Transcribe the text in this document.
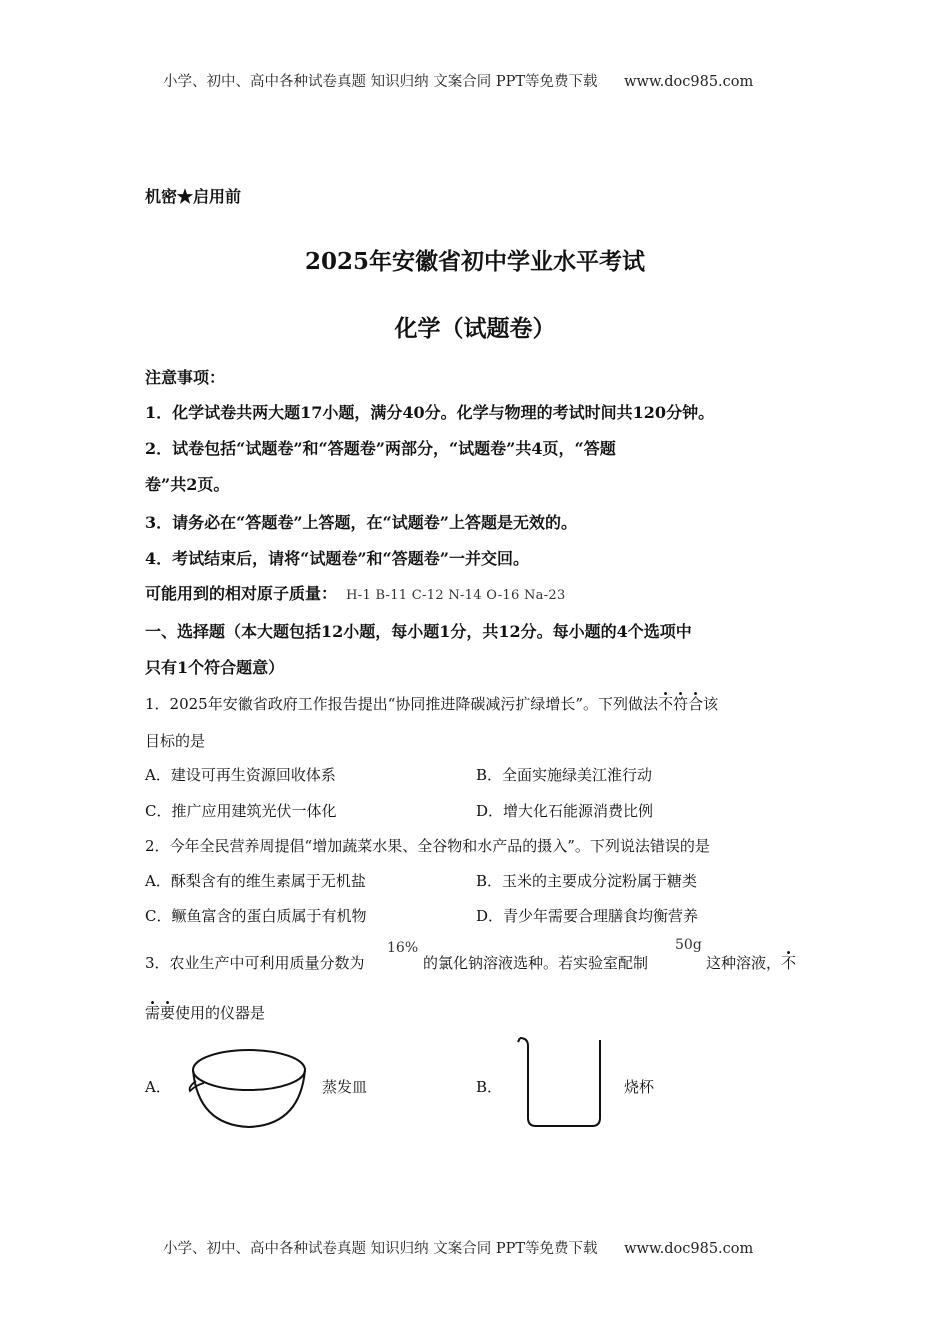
小学、初中、高中各种试卷真题 知识归纳 文案合同 PPT等免费下载 www.doc985.com
机密★启用前
2025年安徽省初中学业水平考试
化学（试题卷）
注意事项：
1．化学试卷共两大题17小题，满分40分。化学与物理的考试时间共120分钟。
2．试卷包括“试题卷”和“答题卷”两部分，“试题卷”共4页，“答题
卷”共2页。
3．请务必在“答题卷”上答题，在“试题卷”上答题是无效的。
4．考试结束后，请将“试题卷”和“答题卷”一并交回。
可能用到的相对原子质量： H-1 B-11 C-12 N-14 O-16 Na-23
一、选择题（本大题包括12小题，每小题1分，共12分。每小题的4个选项中
只有1个符合题意）
1．2025年安徽省政府工作报告提出“协同推进降碳减污扩绿增长”。下列做法不符合该
目标的是
A．建设可再生资源回收体系	B．全面实施绿美江淮行动
C．推广应用建筑光伏一体化	D．增大化石能源消费比例
2．今年全民营养周提倡“增加蔬菜水果、全谷物和水产品的摄入”。下列说法错误的是
A．酥梨含有的维生素属于无机盐	B．玉米的主要成分淀粉属于糖类
C．鳜鱼富含的蛋白质属于有机物	D．青少年需要合理膳食均衡营养
3．农业生产中可利用质量分数为
16%
的氯化钠溶液选种。若实验室配制
50g
这种溶液，不
需要使用的仪器是
A．	蒸发皿	B．	烧杯
小学、初中、高中各种试卷真题 知识归纳 文案合同 PPT等免费下载 www.doc985.com
